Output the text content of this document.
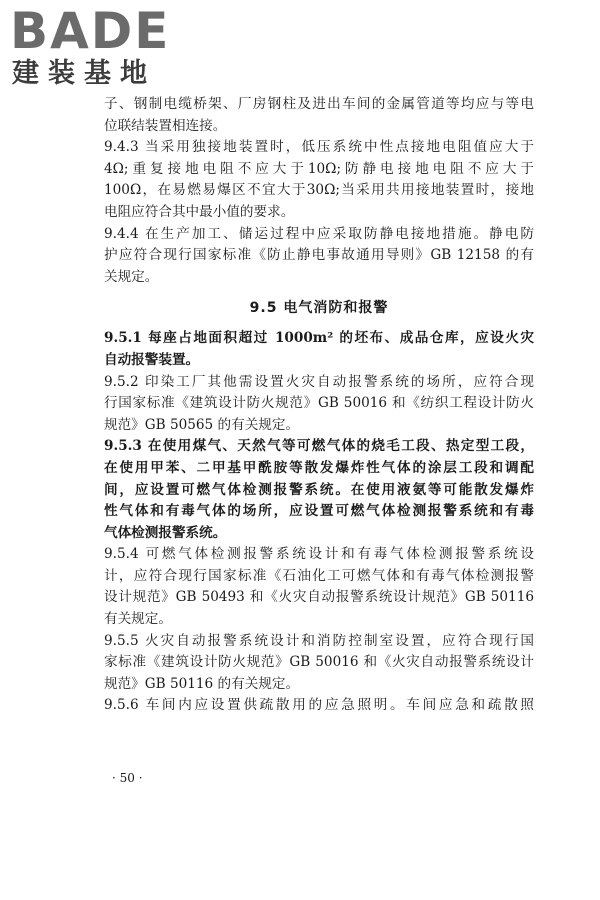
BADE
建装基地
子、钢制电缆桥架、厂房钢柱及进出车间的金属管道等均应与等电
位联结装置相连接。
9.4.3 当采用独接地装置时，低压系统中性点接地电阻值应大于
4Ω;重复接地电阻不应大于10Ω;防静电接地电阻不应大于
100Ω，在易燃易爆区不宜大于30Ω;当采用共用接地装置时，接地
电阻应符合其中最小值的要求。
9.4.4 在生产加工、储运过程中应采取防静电接地措施。静电防
护应符合现行国家标准《防止静电事故通用导则》GB 12158 的有
关规定。
9.5 电气消防和报警
9.5.1 每座占地面积超过 1000m² 的坯布、成品仓库，应设火灾
自动报警装置。
9.5.2 印染工厂其他需设置火灾自动报警系统的场所，应符合现
行国家标准《建筑设计防火规范》GB 50016 和《纺织工程设计防火
规范》GB 50565 的有关规定。
9.5.3 在使用煤气、天然气等可燃气体的烧毛工段、热定型工段，
在使用甲苯、二甲基甲酰胺等散发爆炸性气体的涂层工段和调配
间，应设置可燃气体检测报警系统。在使用液氨等可能散发爆炸
性气体和有毒气体的场所，应设置可燃气体检测报警系统和有毒
气体检测报警系统。
9.5.4 可燃气体检测报警系统设计和有毒气体检测报警系统设
计，应符合现行国家标准《石油化工可燃气体和有毒气体检测报警
设计规范》GB 50493 和《火灾自动报警系统设计规范》GB 50116
有关规定。
9.5.5 火灾自动报警系统设计和消防控制室设置，应符合现行国
家标准《建筑设计防火规范》GB 50016 和《火灾自动报警系统设计
规范》GB 50116 的有关规定。
9.5.6 车间内应设置供疏散用的应急照明。车间应急和疏散照
· 50 ·
